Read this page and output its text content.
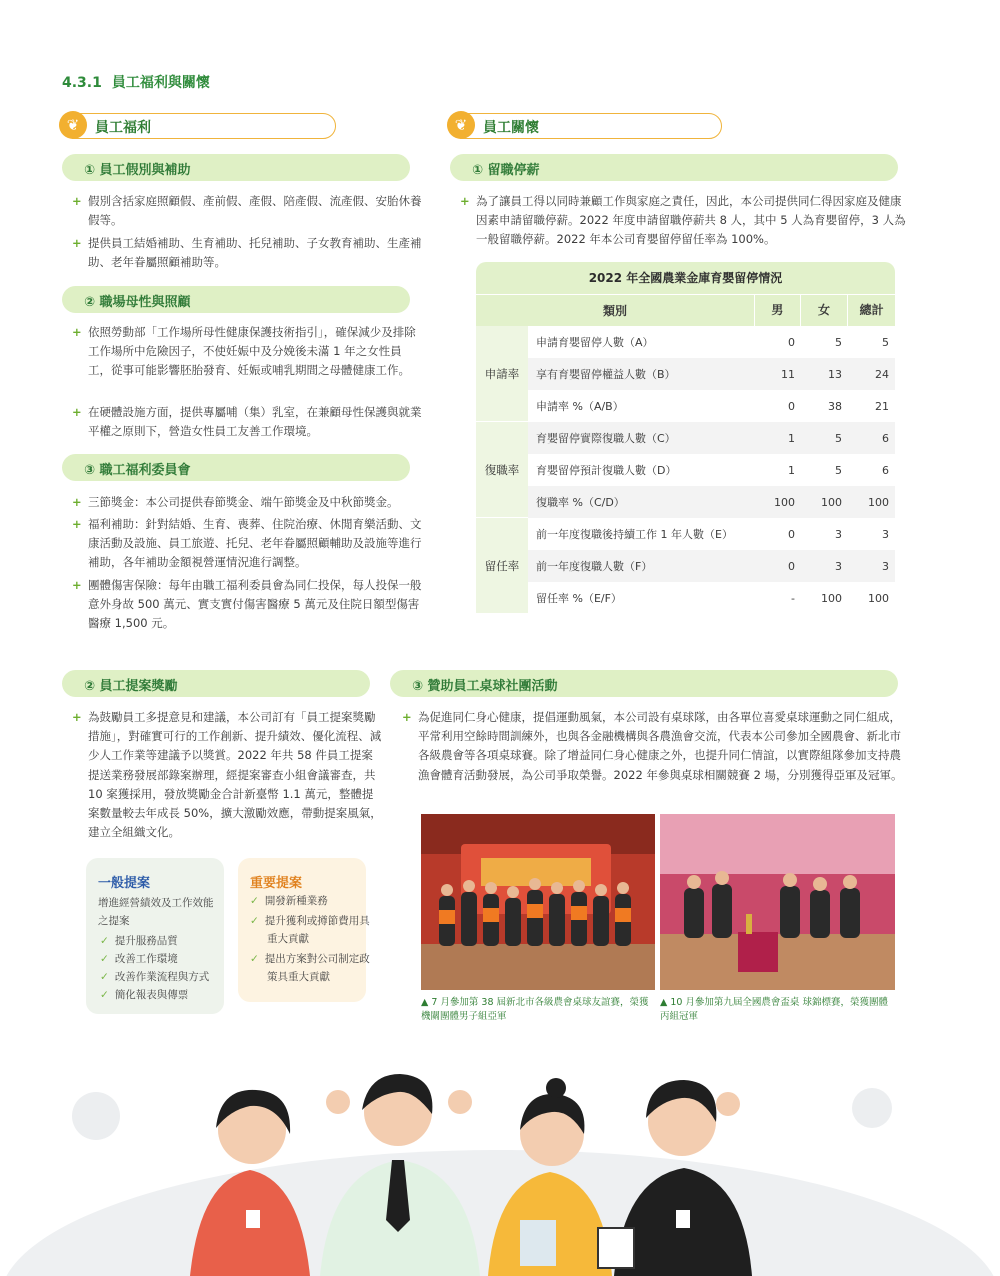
4.3.1 員工福利與關懷
❦	員工福利
① 員工假別與補助
+ 假別含括家庭照顧假、產前假、產假、陪產假、流產假、安胎休養假等。
+ 提供員工結婚補助、生育補助、托兒補助、子女教育補助、生產補助、老年眷屬照顧補助等。
② 職場母性與照顧
+ 依照勞動部「工作場所母性健康保護技術指引」，確保減少及排除工作場所中危險因子，不使妊娠中及分娩後未滿 1 年之女性員工，從事可能影響胚胎發育、妊娠或哺乳期間之母體健康工作。
+ 在硬體設施方面，提供專屬哺（集）乳室，在兼顧母性保護與就業平權之原則下，營造女性員工友善工作環境。
③ 職工福利委員會
+ 三節獎金：本公司提供春節獎金、端午節獎金及中秋節獎金。
+ 福利補助：針對結婚、生育、喪葬、住院治療、休閒育樂活動、文康活動及設施、員工旅遊、托兒、老年眷屬照顧輔助及設施等進行補助，各年補助金額視營運情況進行調整。
+ 團體傷害保險：每年由職工福利委員會為同仁投保，每人投保一般意外身故 500 萬元、實支實付傷害醫療 5 萬元及住院日額型傷害醫療 1,500 元。
❦	員工關懷
① 留職停薪
+ 為了讓員工得以同時兼顧工作與家庭之責任，因此，本公司提供同仁得因家庭及健康因素申請留職停薪。2022 年度申請留職停薪共 8 人，其中 5 人為育嬰留停，3 人為一般留職停薪。2022 年本公司育嬰留停留任率為 100%。
2022 年全國農業金庫育嬰留停情況
類別	男	女	總計
申請率
申請育嬰留停人數（A）	0	5	5
享有育嬰留停權益人數（B）	11	13	24
申請率 %（A/B）	0	38	21
復職率
育嬰留停實際復職人數（C）	1	5	6
育嬰留停預計復職人數（D）	1	5	6
復職率 %（C/D）	100	100	100
留任率
前一年度復職後持續工作 1 年人數（E）	0	3	3
前一年度復職人數（F）	0	3	3
留任率 %（E/F）	-	100	100
② 員工提案獎勵
+ 為鼓勵員工多提意見和建議，本公司訂有「員工提案獎勵措施」，對確實可行的工作創新、提升績效、優化流程、減少人工作業等建議予以獎賞。2022 年共 58 件員工提案提送業務發展部錄案辦理，經提案審查小組會議審查，共 10 案獲採用，發放獎勵金合計新臺幣 1.1 萬元，整體提案數量較去年成長 50%，擴大激勵效應，帶動提案風氣，建立全組織文化。
一般提案
增進經營績效及工作效能之提案
✓ 提升服務品質
✓ 改善工作環境
✓ 改善作業流程與方式
✓ 簡化報表與傳票
重要提案
✓ 開發新種業務
✓ 提升獲利或撙節費用具重大貢獻
✓ 提出方案對公司制定政策具重大貢獻
③ 贊助員工桌球社團活動
+ 為促進同仁身心健康，提倡運動風氣，本公司設有桌球隊，由各單位喜愛桌球運動之同仁組成，平常利用空餘時間訓練外，也與各金融機構與各農漁會交流，代表本公司參加全國農會、新北市各級農會等各項桌球賽。除了增益同仁身心健康之外，也提升同仁情誼，以實際組隊參加支持農漁會體育活動發展，為公司爭取榮譽。2022 年參與桌球相關競賽 2 場，分別獲得亞軍及冠軍。
▲ 7 月參加第 38 屆新北市各級農會桌球友誼賽，榮獲機關團體男子組亞軍
▲ 10 月參加第九屆全國農會盃桌 球錦標賽，榮獲團體丙組冠軍
